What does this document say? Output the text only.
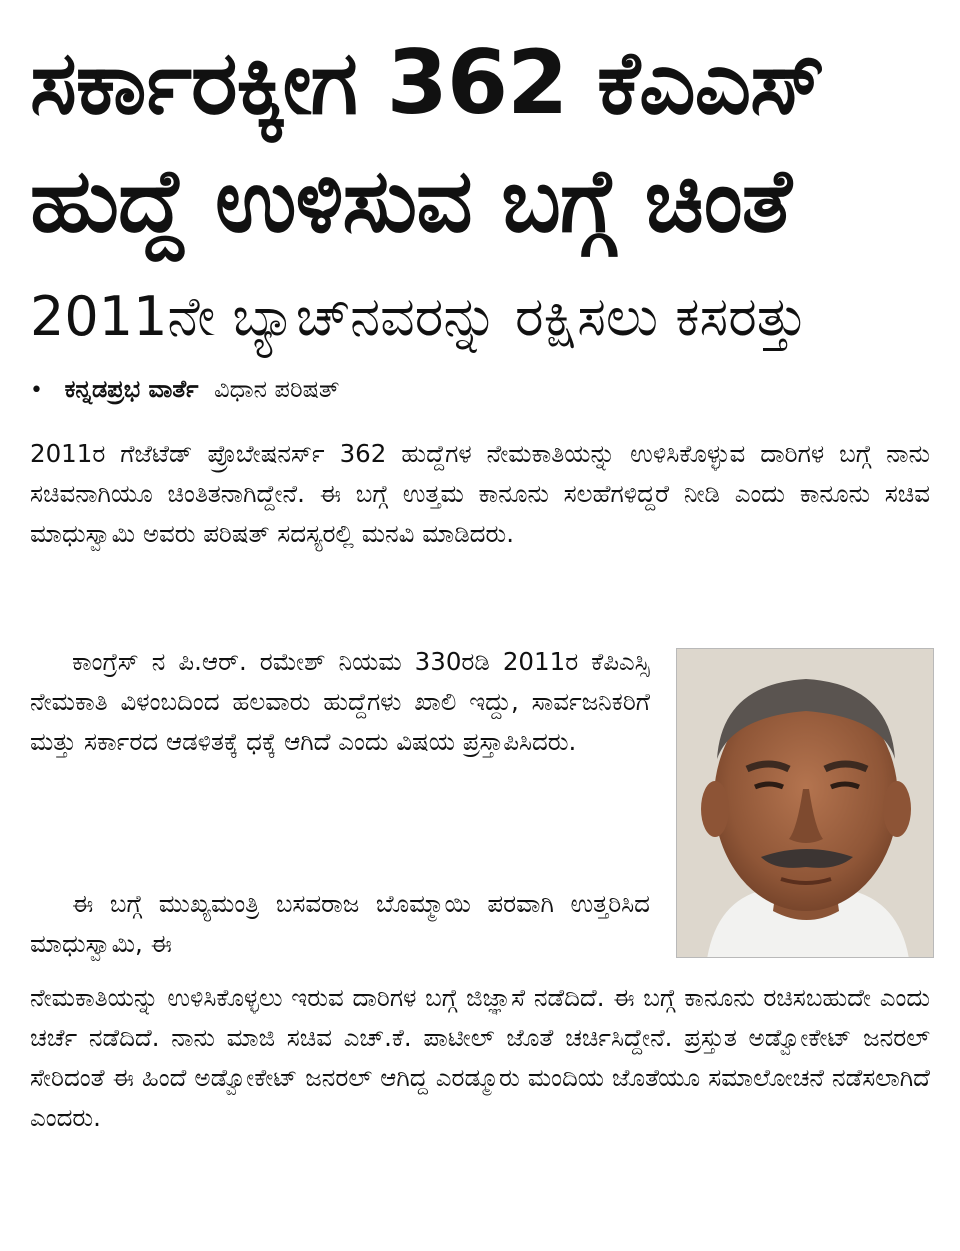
ಸರ್ಕಾರಕ್ಕೀಗ 362 ಕೆಎಎಸ್
ಹುದ್ದೆ ಉಳಿಸುವ ಬಗ್ಗೆ ಚಿಂತೆ
2011ನೇ ಬ್ಯಾಚ್‌ನವರನ್ನು ರಕ್ಷಿಸಲು ಕಸರತ್ತು
• ಕನ್ನಡಪ್ರಭ ವಾರ್ತೆ ವಿಧಾನ ಪರಿಷತ್

2011ರ ಗೆಜೆಟೆಡ್ ಪ್ರೊಬೇಷನರ್ಸ್ 362 ಹುದ್ದೆಗಳ ನೇಮಕಾತಿಯನ್ನು ಉಳಿಸಿಕೊಳ್ಳುವ ದಾರಿಗಳ ಬಗ್ಗೆ ನಾನು ಸಚಿವನಾಗಿಯೂ ಚಿಂತಿತನಾಗಿದ್ದೇನೆ. ಈ ಬಗ್ಗೆ ಉತ್ತಮ ಕಾನೂನು ಸಲಹೆಗಳಿದ್ದರೆ ನೀಡಿ ಎಂದು ಕಾನೂನು ಸಚಿವ ಮಾಧುಸ್ವಾಮಿ ಅವರು ಪರಿಷತ್ ಸದಸ್ಯರಲ್ಲಿ ಮನವಿ ಮಾಡಿದರು.

ಕಾಂಗ್ರೆಸ್ ನ ಪಿ.ಆರ್. ರಮೇಶ್ ನಿಯಮ 330ರಡಿ 2011ರ ಕೆಪಿಎಸ್ಸಿ ನೇಮಕಾತಿ ವಿಳಂಬದಿಂದ ಹಲವಾರು ಹುದ್ದೆಗಳು ಖಾಲಿ ಇದ್ದು, ಸಾರ್ವಜನಿಕರಿಗೆ ಮತ್ತು ಸರ್ಕಾರದ ಆಡಳಿತಕ್ಕೆ ಧಕ್ಕೆ ಆಗಿದೆ ಎಂದು ವಿಷಯ ಪ್ರಸ್ತಾಪಿಸಿದರು.

ಈ ಬಗ್ಗೆ ಮುಖ್ಯಮಂತ್ರಿ ಬಸವರಾಜ ಬೊಮ್ಮಾಯಿ ಪರವಾಗಿ ಉತ್ತರಿಸಿದ ಮಾಧುಸ್ವಾಮಿ, ಈ

ನೇಮಕಾತಿಯನ್ನು ಉಳಿಸಿಕೊಳ್ಳಲು ಇರುವ ದಾರಿಗಳ ಬಗ್ಗೆ ಜಿಜ್ಞಾಸೆ ನಡೆದಿದೆ. ಈ ಬಗ್ಗೆ ಕಾನೂನು ರಚಿಸಬಹುದೇ ಎಂದು ಚರ್ಚೆ ನಡೆದಿದೆ. ನಾನು ಮಾಜಿ ಸಚಿವ ಎಚ್.ಕೆ. ಪಾಟೀಲ್ ಜೊತೆ ಚರ್ಚಿಸಿದ್ದೇನೆ. ಪ್ರಸ್ತುತ ಅಡ್ವೋಕೇಟ್ ಜನರಲ್ ಸೇರಿದಂತೆ ಈ ಹಿಂದೆ ಅಡ್ವೋಕೇಟ್ ಜನರಲ್ ಆಗಿದ್ದ ಎರಡ್ಮೂರು ಮಂದಿಯ ಜೊತೆಯೂ ಸಮಾಲೋಚನೆ ನಡೆಸಲಾಗಿದೆ ಎಂದರು.
